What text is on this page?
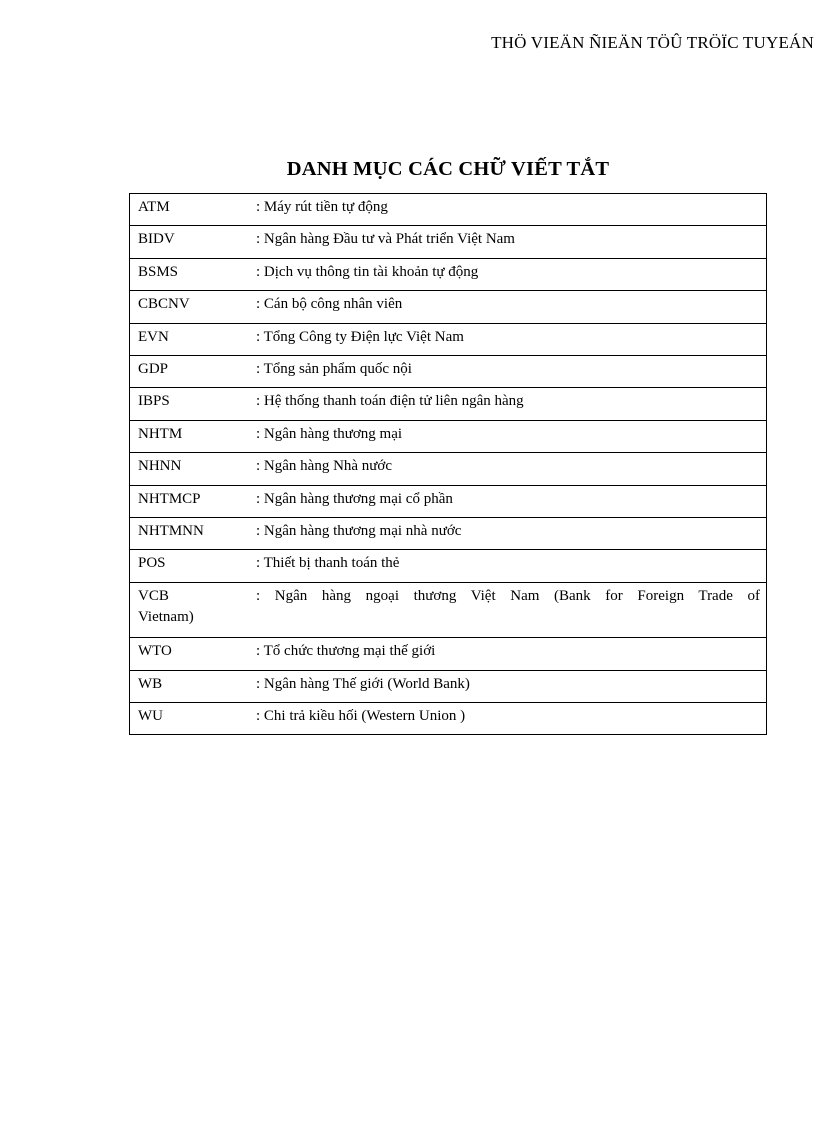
THÖ VIEÄN ÑIEÄN TÖÛ TRÖÏC TUYEÁN
DANH MỤC CÁC CHỮ VIẾT TẮT
ATM	: Máy rút tiền tự động
BIDV	: Ngân hàng Đầu tư và Phát triển Việt Nam
BSMS	: Dịch vụ thông tin tài khoản tự động
CBCNV	: Cán bộ công nhân viên
EVN	: Tổng Công ty Điện lực Việt Nam
GDP	: Tổng sản phẩm quốc nội
IBPS	: Hệ thống thanh toán điện tử liên ngân hàng
NHTM	: Ngân hàng thương mại
NHNN	: Ngân hàng Nhà nước
NHTMCP	: Ngân hàng thương mại cổ phần
NHTMNN	: Ngân hàng thương mại nhà nước
POS	: Thiết bị thanh toán thẻ
VCB	: Ngân hàng ngoại thương Việt Nam (Bank for Foreign Trade of
Vietnam)	
WTO	: Tổ chức thương mại thế giới
WB	: Ngân hàng Thế giới (World Bank)
WU	: Chi trả kiều hối (Western Union )
